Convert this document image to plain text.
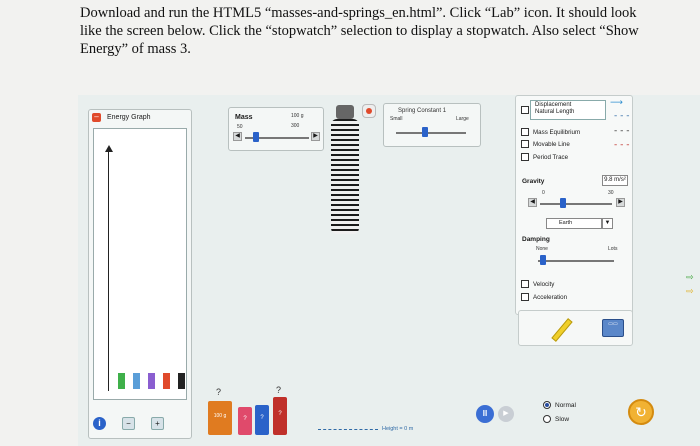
Download and run the HTML5 “masses-and-springs_en.html”. Click “Lab” icon. It should look like the screen below. Click the “stopwatch” selection to display a stopwatch. Also select “Show Energy” of mass 3.
–	Energy Graph
i	−	+
Mass	100 g
50	300
◀	▶
Spring Constant 1
Small	Large
Displacement
Natural Length
Mass Equilibrium
Movable Line
Period Trace
⟶
- - -
- - -
- - -
Gravity	9.8 m/s²
0	30
◀	▶
Earth	▼
Damping
None	Lots
Velocity
Acceleration
⇨
⇨
▭▭
100 g
?
?	?
?
?
Height = 0 m
II	▶
Normal
Slow	↻
